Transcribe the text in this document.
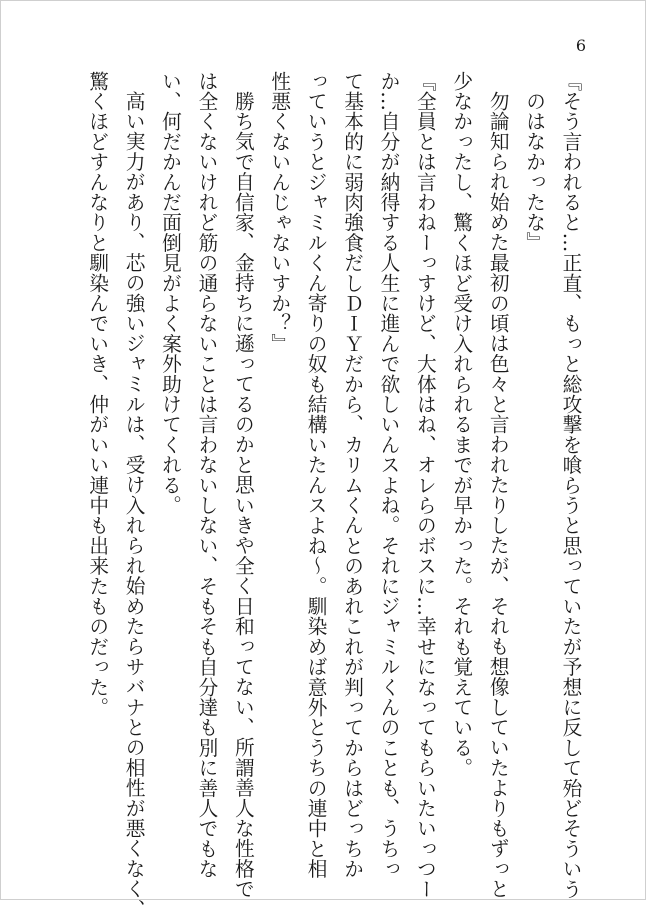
6
『そう言われると…正直、もっと総攻撃を喰らうと思っていたが予想に反して殆どそういう
のはなかったな』
勿論知られ始めた最初の頃は色々と言われたりしたが、それも想像していたよりもずっと
少なかったし、驚くほど受け入れられるまでが早かった。それも覚えている。
『全員とは言わねーっすけど、大体はね、オレらのボスに…幸せになってもらいたいっつー
か…自分が納得する人生に進んで欲しいんスよね。それにジャミルくんのことも、うちっ
て基本的に弱肉強食だしＤＩＹだから、カリムくんとのあれこれが判ってからはどっちか
っていうとジャミルくん寄りの奴も結構いたんスよね〜。馴染めば意外とうちの連中と相
性悪くないんじゃないすか？』
勝ち気で自信家、金持ちに遜ってるのかと思いきや全く日和ってない、所謂善人な性格で
は全くないけれど筋の通らないことは言わないしない、そもそも自分達も別に善人でもな
い、何だかんだ面倒見がよく案外助けてくれる。
高い実力があり、芯の強いジャミルは、受け入れられ始めたらサバナとの相性が悪くなく、
驚くほどすんなりと馴染んでいき、仲がいい連中も出来たものだった。
